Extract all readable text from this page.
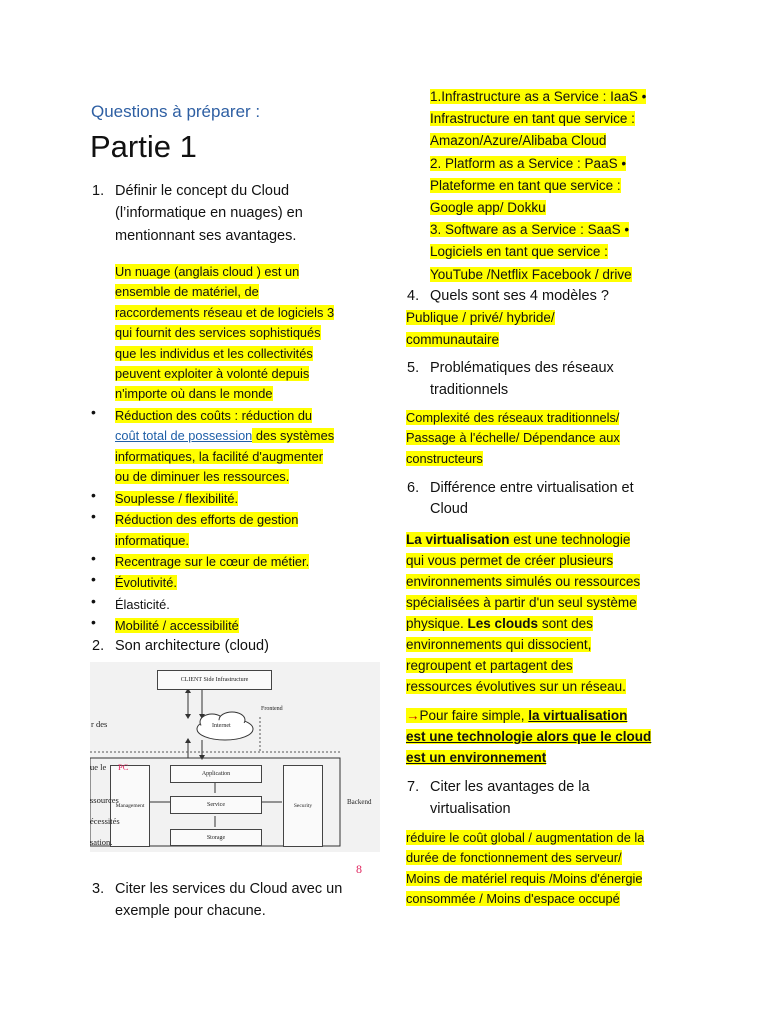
Questions à préparer :
Partie 1
1. Définir le concept du Cloud
(l’informatique en nuages) en
mentionnant ses avantages.
Un nuage (anglais cloud ) est un
ensemble de matériel, de
raccordements réseau et de logiciels 3
qui fournit des services sophistiqués
que les individus et les collectivités
peuvent exploiter à volonté depuis
n'importe où dans le monde
• Réduction des coûts : réduction du
coût total de possession des systèmes
informatiques, la facilité d'augmenter
ou de diminuer les ressources.
• Souplesse / flexibilité.
• Réduction des efforts de gestion
informatique.
• Recentrage sur le cœur de métier.
• Évolutivité.
• Élasticité.
• Mobilité / accessibilité
2. Son architecture (cloud)
CLIENT Side Infrastructure
Internet
Frontend
Backend
Application
Service
Storage
Management	Security
r des
ue le PC
ssources
écessités
sation.
8
3. Citer les services du Cloud avec un
exemple pour chacune.
1.Infrastructure as a Service : IaaS •
Infrastructure en tant que service :
Amazon/Azure/Alibaba Cloud
2. Platform as a Service : PaaS •
Plateforme en tant que service :
Google app/ Dokku
3. Software as a Service : SaaS •
Logiciels en tant que service :
YouTube /Netflix Facebook / drive
4. Quels sont ses 4 modèles ?
Publique / privé/ hybride/
communautaire
5. Problématiques des réseaux
traditionnels
Complexité des réseaux traditionnels/
Passage à l'échelle/ Dépendance aux
constructeurs
6. Différence entre virtualisation et
Cloud
La virtualisation est une technologie
qui vous permet de créer plusieurs
environnements simulés ou ressources
spécialisées à partir d'un seul système
physique. Les clouds sont des
environnements qui dissocient,
regroupent et partagent des
ressources évolutives sur un réseau.
→Pour faire simple, la virtualisation
est une technologie alors que le cloud
est un environnement
7. Citer les avantages de la
virtualisation
réduire le coût global / augmentation de la
durée de fonctionnement des serveur/
Moins de matériel requis /Moins d'énergie
consommée / Moins d'espace occupé
